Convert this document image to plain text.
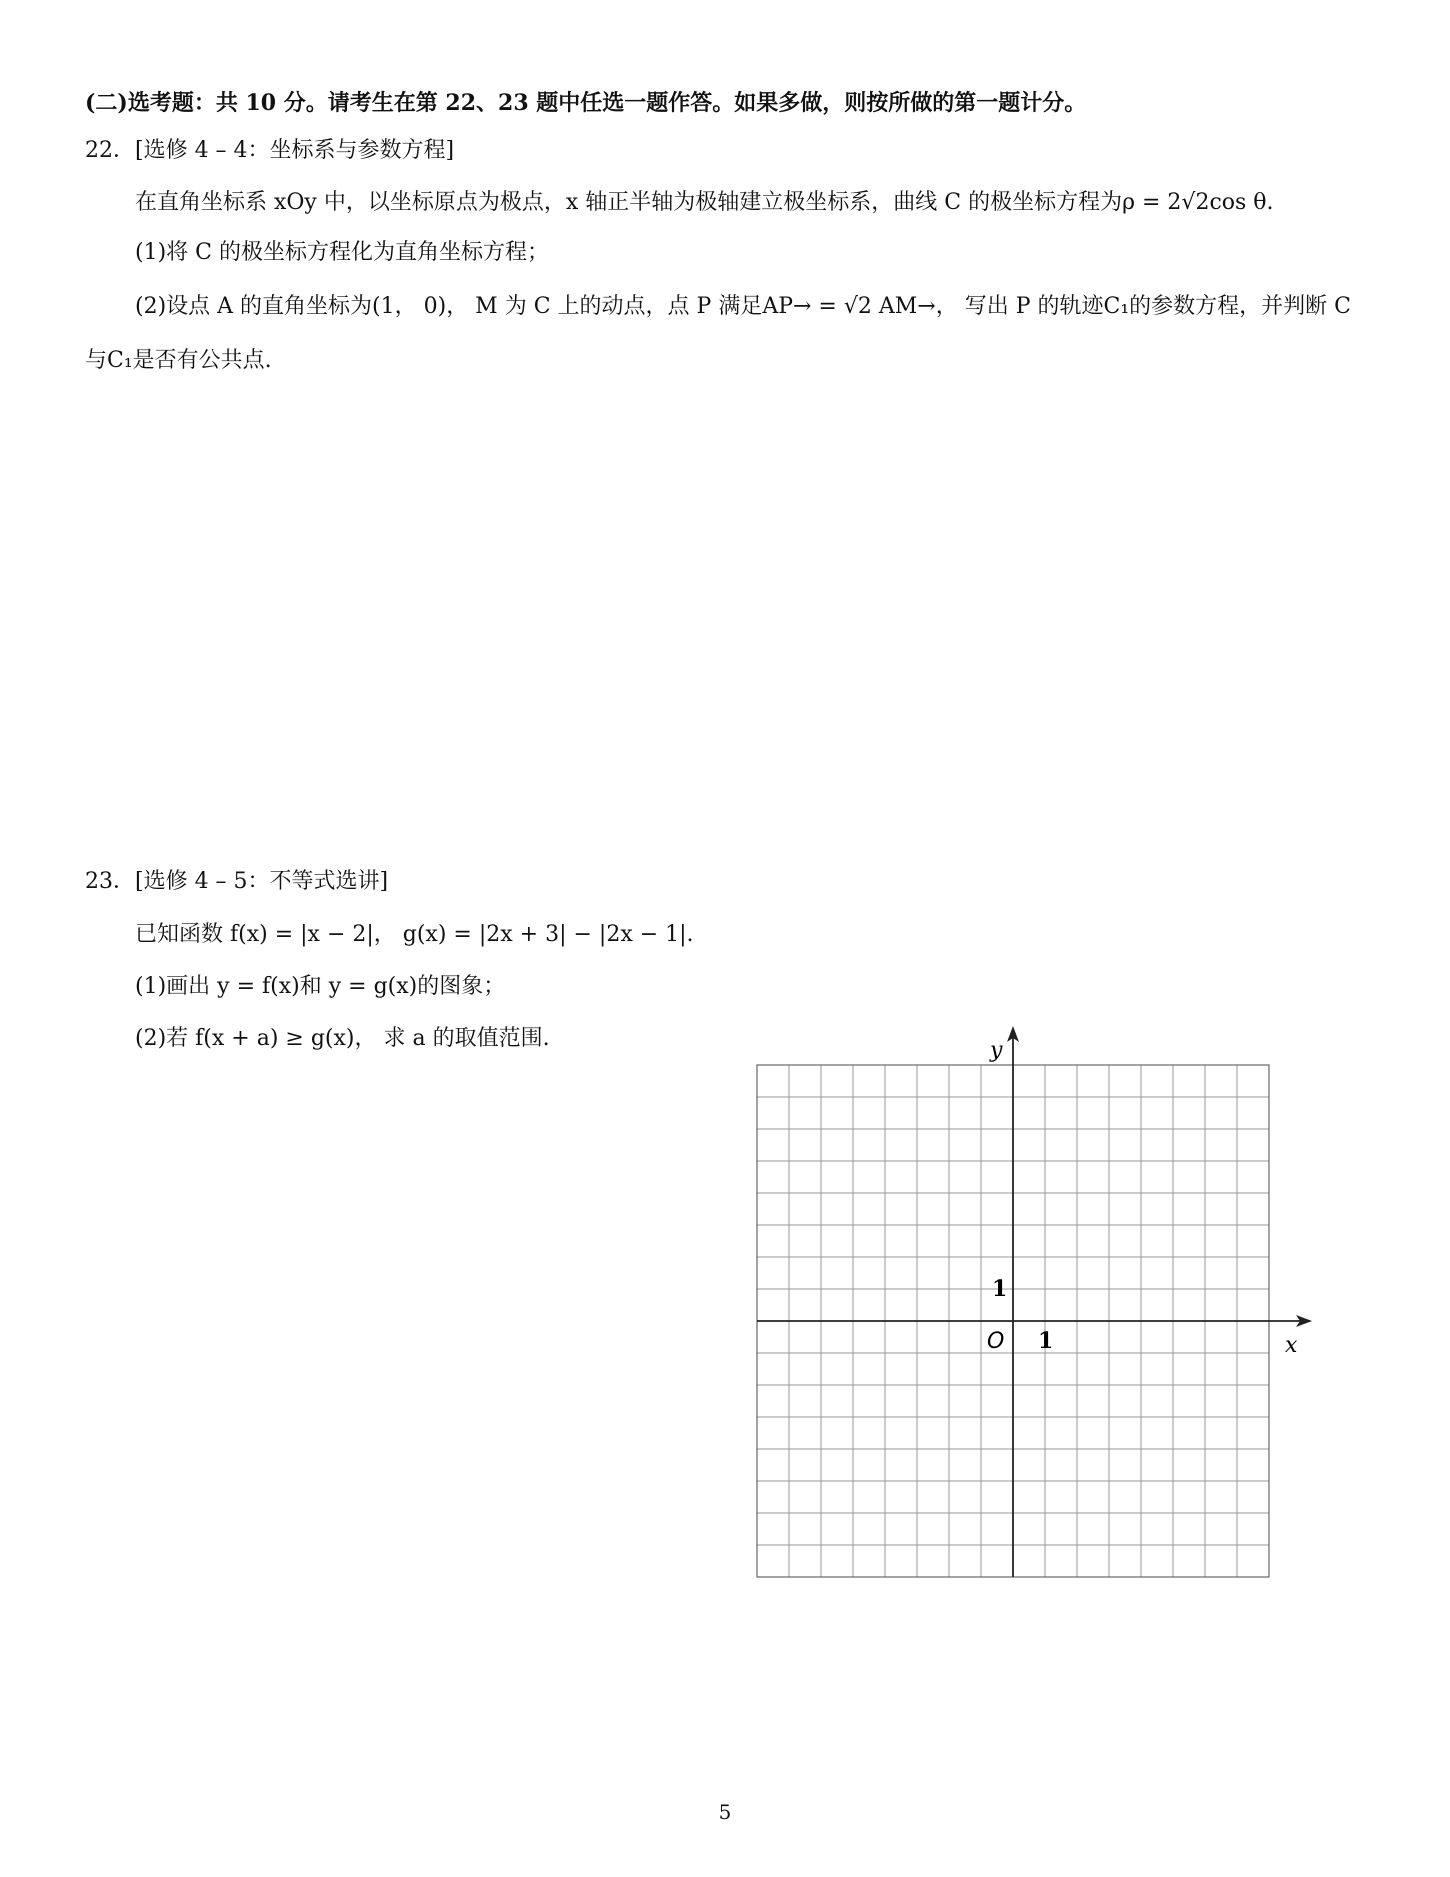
(二)选考题：共 10 分。请考生在第 22、23 题中任选一题作答。如果多做，则按所做的第一题计分。
22．[选修 4 – 4：坐标系与参数方程]
在直角坐标系 xOy 中，以坐标原点为极点，x 轴正半轴为极轴建立极坐标系，曲线 C 的极坐标方程为ρ = 2√2cos θ.
(1)将 C 的极坐标方程化为直角坐标方程；
(2)设点 A 的直角坐标为(1， 0)， M 为 C 上的动点，点 P 满足AP→ = √2 AM→， 写出 P 的轨迹C₁的参数方程，并判断 C
与C₁是否有公共点.
23．[选修 4 – 5：不等式选讲]
已知函数 f(x) = |x − 2|， g(x) = |2x + 3| − |2x − 1|.
(1)画出 y = f(x)和 y = g(x)的图象；
(2)若 f(x + a) ≥ g(x)， 求 a 的取值范围.
x
y
O 1
1
5
